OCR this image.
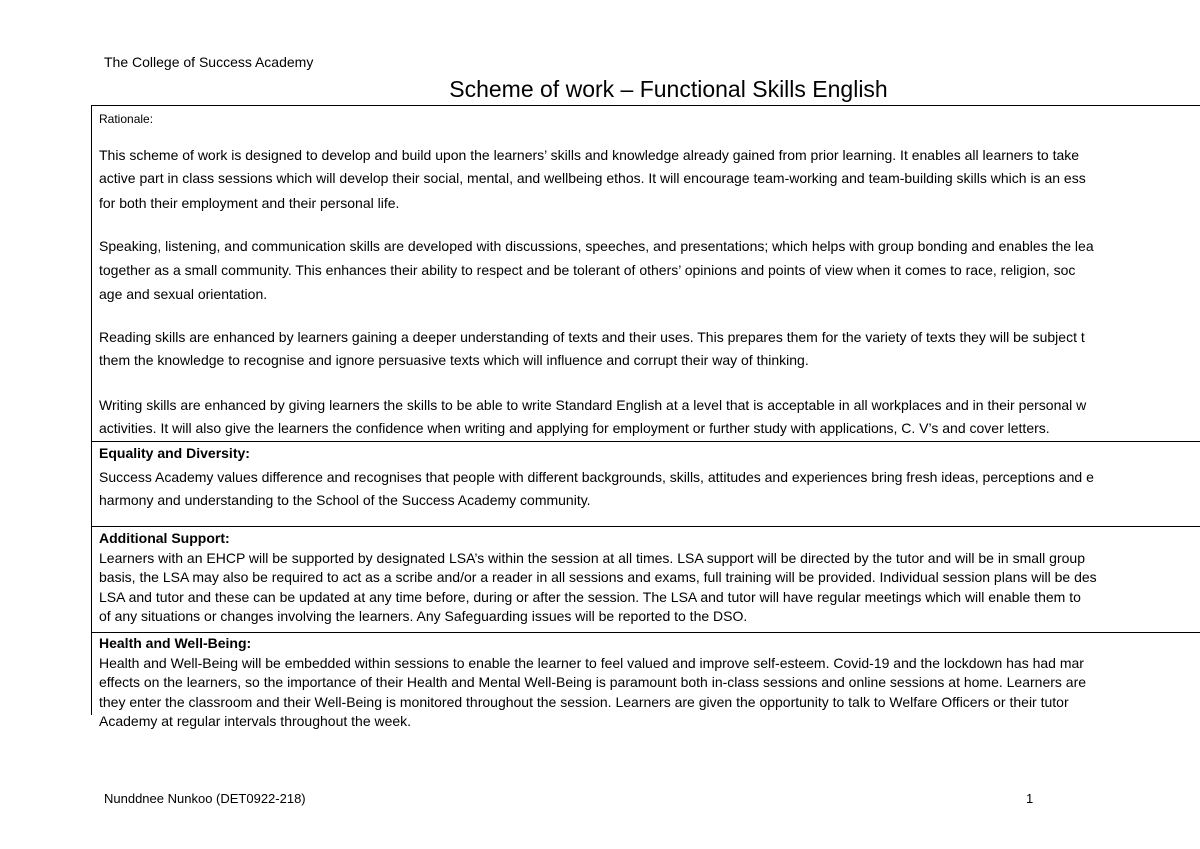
The College of Success Academy
Scheme of work – Functional Skills English
Rationale:
This scheme of work is designed to develop and build upon the learners’ skills and knowledge already gained from prior learning. It enables all learners to take
active part in class sessions which will develop their social, mental, and wellbeing ethos. It will encourage team-working and team-building skills which is an ess
for both their employment and their personal life.
Speaking, listening, and communication skills are developed with discussions, speeches, and presentations; which helps with group bonding and enables the lea
together as a small community. This enhances their ability to respect and be tolerant of others’ opinions and points of view when it comes to race, religion, soc
age and sexual orientation.
Reading skills are enhanced by learners gaining a deeper understanding of texts and their uses. This prepares them for the variety of texts they will be subject t
them the knowledge to recognise and ignore persuasive texts which will influence and corrupt their way of thinking.
Writing skills are enhanced by giving learners the skills to be able to write Standard English at a level that is acceptable in all workplaces and in their personal w
activities. It will also give the learners the confidence when writing and applying for employment or further study with applications, C. V’s and cover letters.
Equality and Diversity:
Success Academy values difference and recognises that people with different backgrounds, skills, attitudes and experiences bring fresh ideas, perceptions and e
harmony and understanding to the School of the Success Academy community.
Additional Support:
Learners with an EHCP will be supported by designated LSA’s within the session at all times. LSA support will be directed by the tutor and will be in small group
basis, the LSA may also be required to act as a scribe and/or a reader in all sessions and exams, full training will be provided. Individual session plans will be des
LSA and tutor and these can be updated at any time before, during or after the session. The LSA and tutor will have regular meetings which will enable them to
of any situations or changes involving the learners. Any Safeguarding issues will be reported to the DSO.
Health and Well-Being:
Health and Well-Being will be embedded within sessions to enable the learner to feel valued and improve self-esteem. Covid-19 and the lockdown has had mar
effects on the learners, so the importance of their Health and Mental Well-Being is paramount both in-class sessions and online sessions at home. Learners are
they enter the classroom and their Well-Being is monitored throughout the session. Learners are given the opportunity to talk to Welfare Officers or their tutor
Academy at regular intervals throughout the week.
Nunddnee Nunkoo (DET0922-218)	1
